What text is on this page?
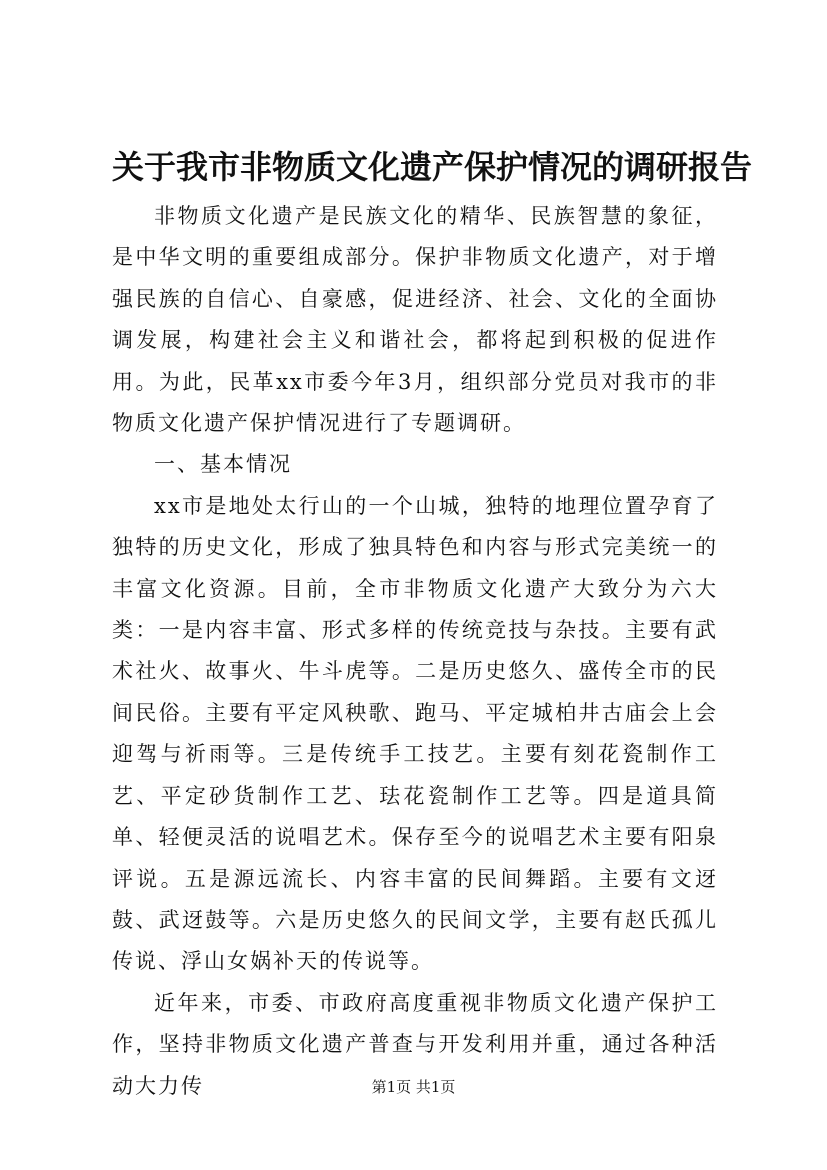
关于我市非物质文化遗产保护情况的调研报告

非物质文化遗产是民族文化的精华、民族智慧的象征，是中华文明的重要组成部分。保护非物质文化遗产，对于增强民族的自信心、自豪感，促进经济、社会、文化的全面协调发展，构建社会主义和谐社会，都将起到积极的促进作用。为此，民革xx市委今年3月，组织部分党员对我市的非物质文化遗产保护情况进行了专题调研。

一、基本情况

xx市是地处太行山的一个山城，独特的地理位置孕育了独特的历史文化，形成了独具特色和内容与形式完美统一的丰富文化资源。目前，全市非物质文化遗产大致分为六大类：一是内容丰富、形式多样的传统竞技与杂技。主要有武术社火、故事火、牛斗虎等。二是历史悠久、盛传全市的民间民俗。主要有平定风秧歌、跑马、平定城柏井古庙会上会迎驾与祈雨等。三是传统手工技艺。主要有刻花瓷制作工艺、平定砂货制作工艺、珐花瓷制作工艺等。四是道具简单、轻便灵活的说唱艺术。保存至今的说唱艺术主要有阳泉评说。五是源远流长、内容丰富的民间舞蹈。主要有文迓鼓、武迓鼓等。六是历史悠久的民间文学，主要有赵氏孤儿传说、浮山女娲补天的传说等。

近年来，市委、市政府高度重视非物质文化遗产保护工作，坚持非物质文化遗产普查与开发利用并重，通过各种活动大力传	第1页 共1页
